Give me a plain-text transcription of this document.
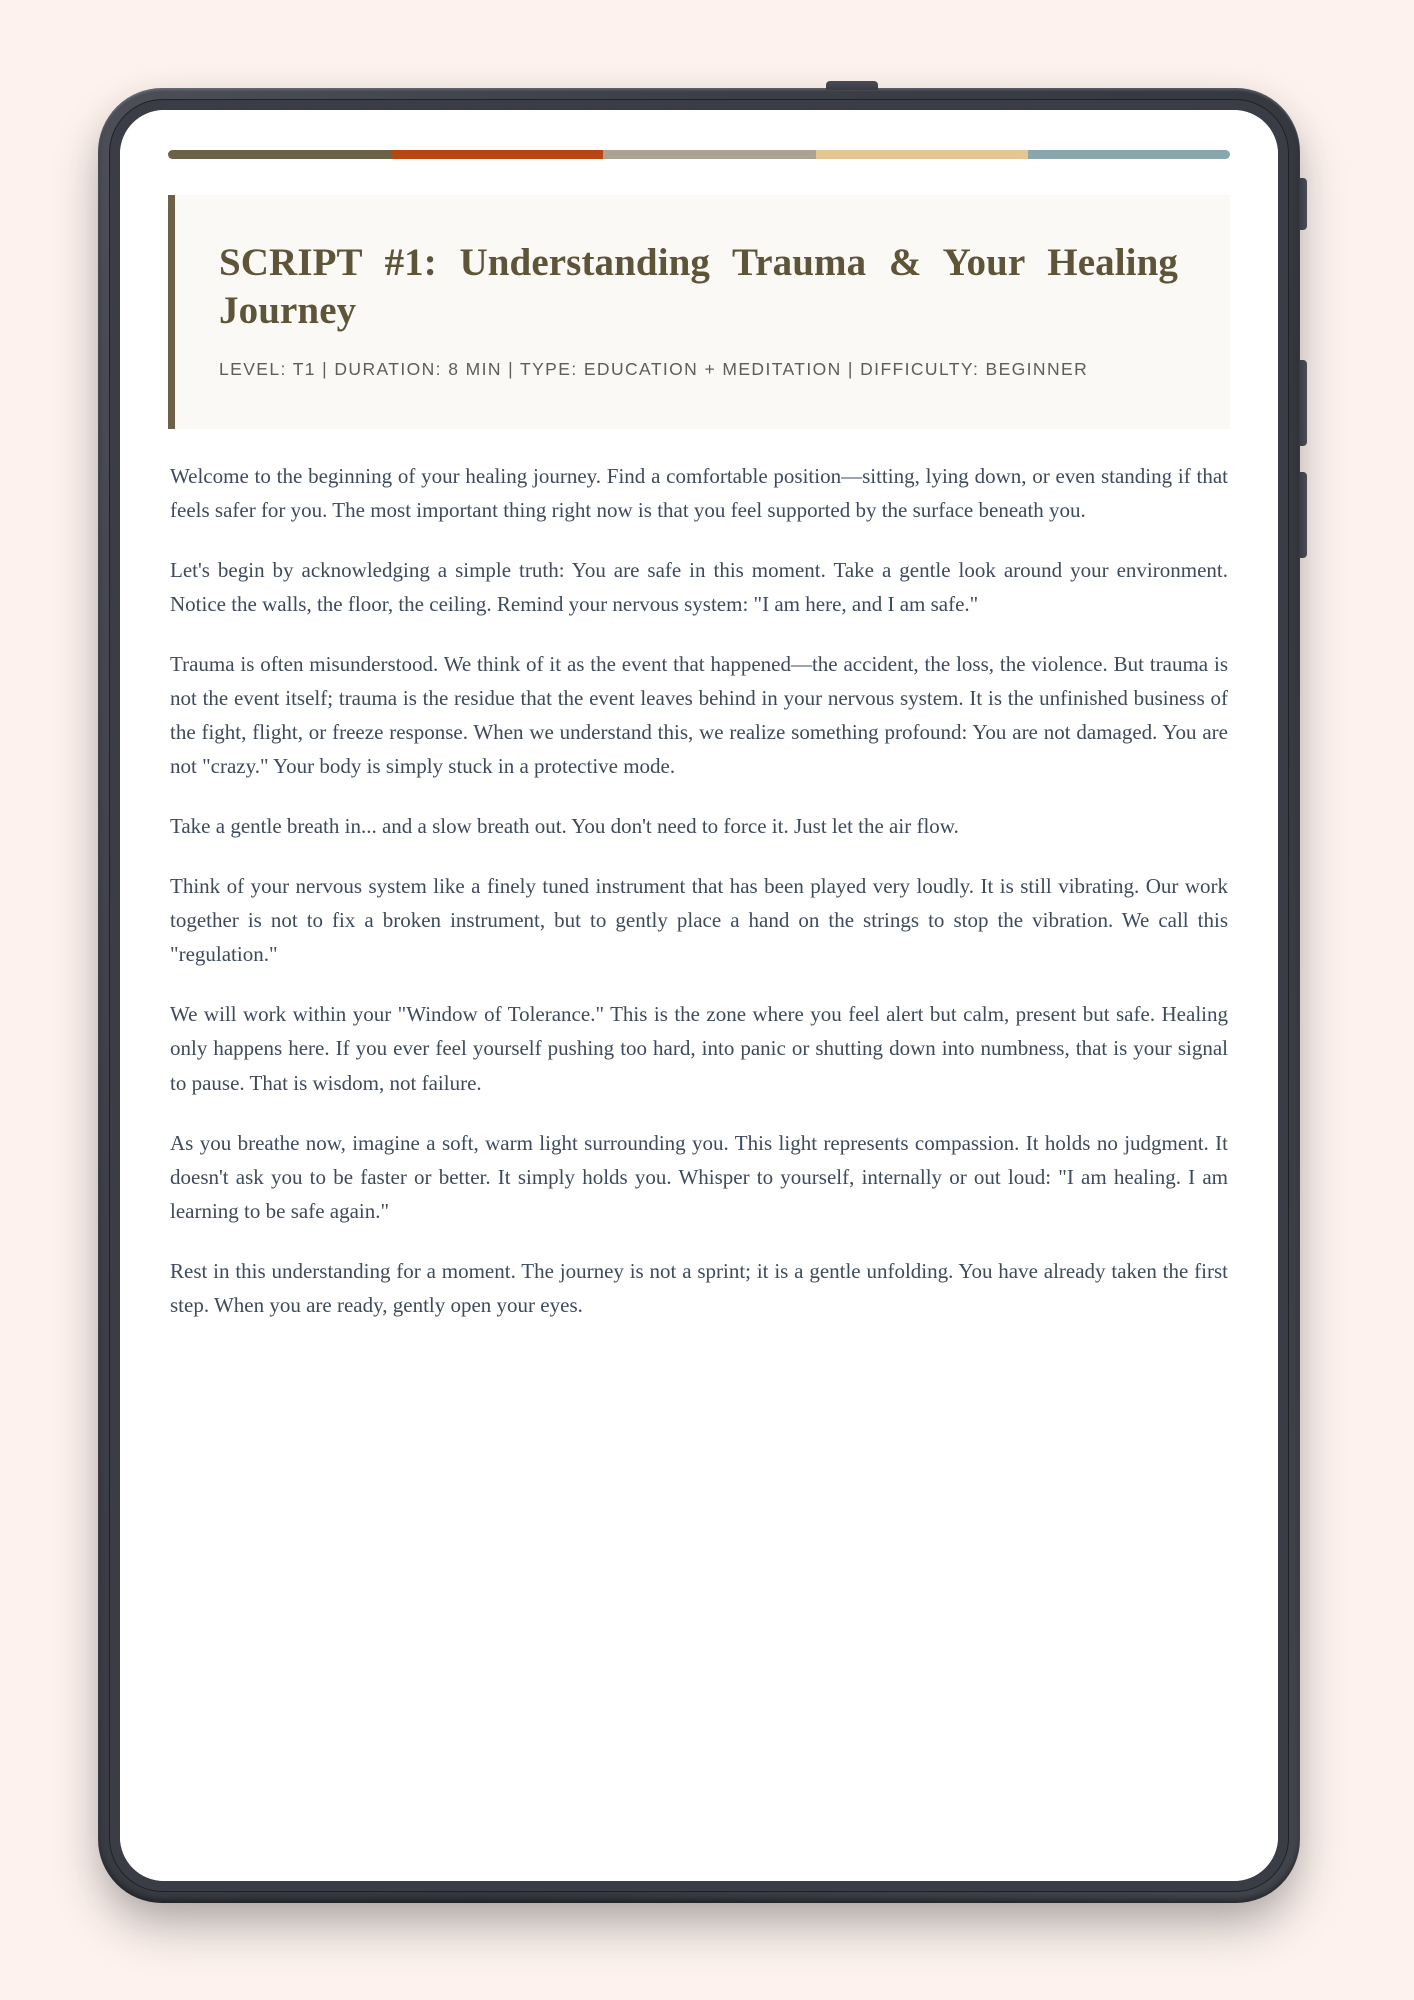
SCRIPT #1: Understanding Trauma & Your Healing Journey
LEVEL: T1 | DURATION: 8 MIN | TYPE: EDUCATION + MEDITATION | DIFFICULTY: BEGINNER

Welcome to the beginning of your healing journey. Find a comfortable position—sitting, lying down, or even standing if that feels safer for you. The most important thing right now is that you feel supported by the surface beneath you.

Let's begin by acknowledging a simple truth: You are safe in this moment. Take a gentle look around your environment. Notice the walls, the floor, the ceiling. Remind your nervous system: "I am here, and I am safe."

Trauma is often misunderstood. We think of it as the event that happened—the accident, the loss, the violence. But trauma is not the event itself; trauma is the residue that the event leaves behind in your nervous system. It is the unfinished business of the fight, flight, or freeze response. When we understand this, we realize something profound: You are not damaged. You are not "crazy." Your body is simply stuck in a protective mode.

Take a gentle breath in... and a slow breath out. You don't need to force it. Just let the air flow.

Think of your nervous system like a finely tuned instrument that has been played very loudly. It is still vibrating. Our work together is not to fix a broken instrument, but to gently place a hand on the strings to stop the vibration. We call this "regulation."

We will work within your "Window of Tolerance." This is the zone where you feel alert but calm, present but safe. Healing only happens here. If you ever feel yourself pushing too hard, into panic or shutting down into numbness, that is your signal to pause. That is wisdom, not failure.

As you breathe now, imagine a soft, warm light surrounding you. This light represents compassion. It holds no judgment. It doesn't ask you to be faster or better. It simply holds you. Whisper to yourself, internally or out loud: "I am healing. I am learning to be safe again."

Rest in this understanding for a moment. The journey is not a sprint; it is a gentle unfolding. You have already taken the first step. When you are ready, gently open your eyes.
